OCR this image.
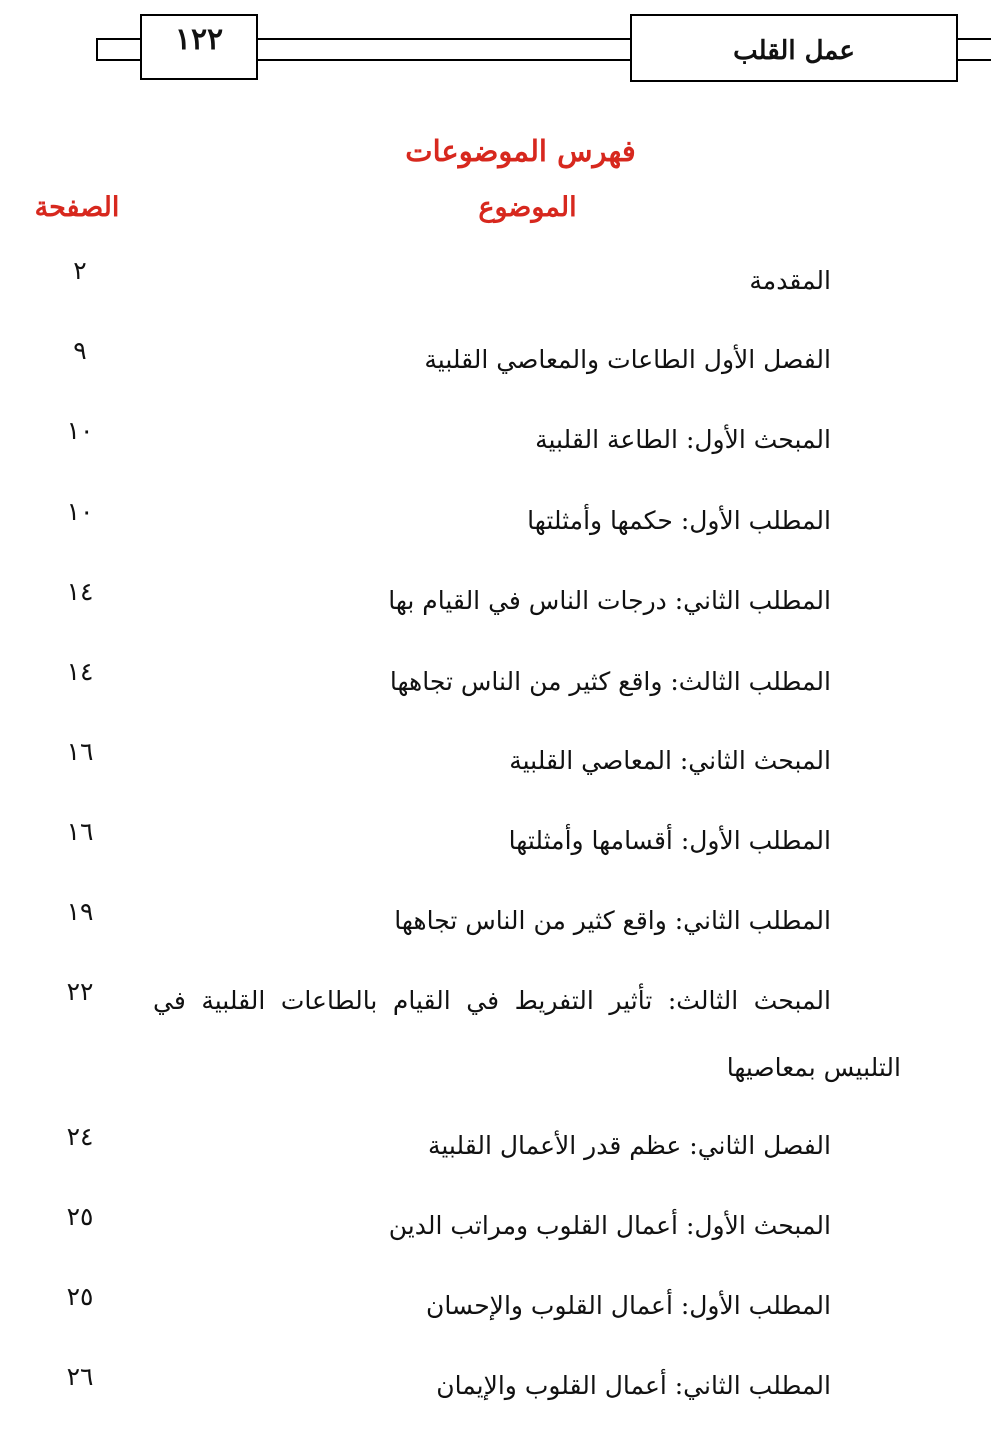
١٢٢	عمل القلب
فهرس الموضوعات
الموضوع
الصفحة
المقدمة
٢
الفصل الأول الطاعات والمعاصي القلبية
٩
المبحث الأول: الطاعة القلبية
١٠
المطلب الأول: حكمها وأمثلتها
١٠
المطلب الثاني: درجات الناس في القيام بها
١٤
المطلب الثالث: واقع كثير من الناس تجاهها
١٤
المبحث الثاني: المعاصي القلبية
١٦
المطلب الأول: أقسامها وأمثلتها
١٦
المطلب الثاني: واقع كثير من الناس تجاهها
١٩
المبحث الثالث: تأثير التفريط في القيام بالطاعات القلبية في
التلبيس بمعاصيها
٢٢
الفصل الثاني: عظم قدر الأعمال القلبية
٢٤
المبحث الأول: أعمال القلوب ومراتب الدين
٢٥
المطلب الأول: أعمال القلوب والإحسان
٢٥
المطلب الثاني: أعمال القلوب والإيمان
٢٦
